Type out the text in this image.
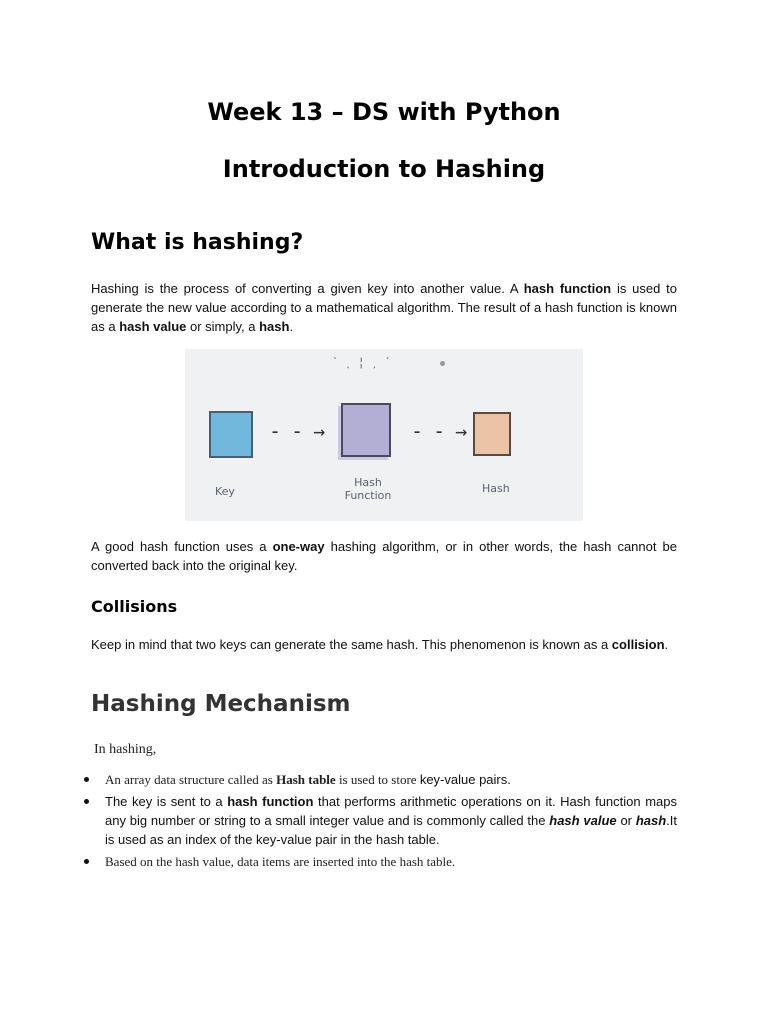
Week 13 – DS with Python
Introduction to Hashing
What is hashing?

Hashing is the process of converting a given key into another value. A hash function is used to generate the new value according to a mathematical algorithm. The result of a hash function is known as a hash value or simply, a hash.

ˋ ˎ ¦ ˏ ˊ
- - →	- - →
Key
Hash
Function
Hash

A good hash function uses a one-way hashing algorithm, or in other words, the hash cannot be converted back into the original key.

Collisions

Keep in mind that two keys can generate the same hash. This phenomenon is known as a collision.

Hashing Mechanism

In hashing,

An array data structure called as Hash table is used to store key-value pairs.
The key is sent to a hash function that performs arithmetic operations on it. Hash function maps any big number or string to a small integer value and is commonly called the hash value or hash.It is used as an index of the key-value pair in the hash table.
Based on the hash value, data items are inserted into the hash table.
